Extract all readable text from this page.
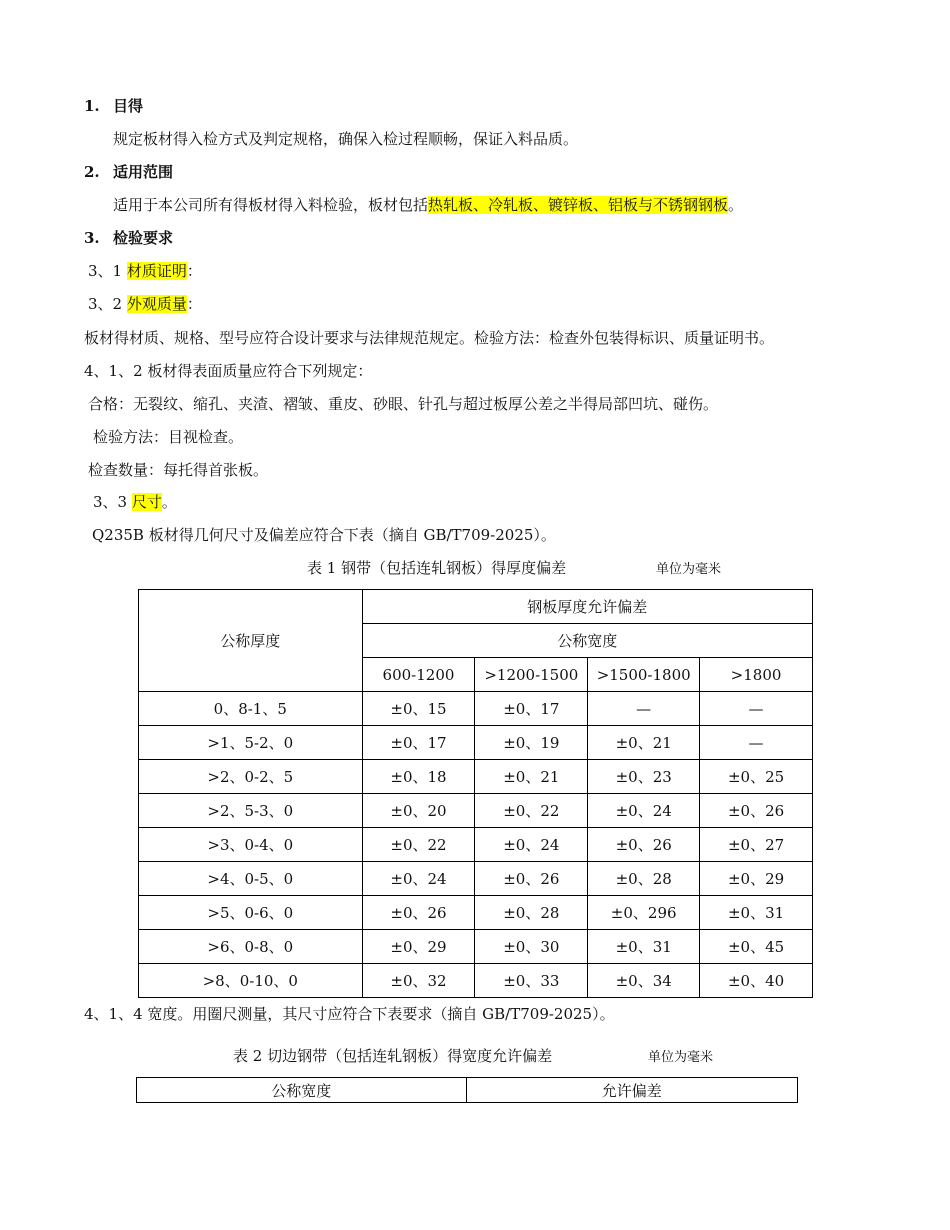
1. 目得
规定板材得入检方式及判定规格，确保入检过程顺畅，保证入料品质。
2. 适用范围
适用于本公司所有得板材得入料检验，板材包括热轧板、冷轧板、镀锌板、铝板与不锈钢钢板。
3. 检验要求
3、1 材质证明：
3、2 外观质量：
板材得材质、规格、型号应符合设计要求与法律规范规定。检验方法：检查外包装得标识、质量证明书。
4、1、2 板材得表面质量应符合下列规定：
合格：无裂纹、缩孔、夹渣、褶皱、重皮、砂眼、针孔与超过板厚公差之半得局部凹坑、碰伤。
检验方法：目视检查。
检查数量：每托得首张板。
3、3 尺寸。
Q235B 板材得几何尺寸及偏差应符合下表（摘自 GB/T709-2025）。
表 1 钢带（包括连轧钢板）得厚度偏差	单位为毫米
公称厚度	钢板厚度允许偏差			
	公称宽度			
	600-1200	>1200-1500	>1500-1800	>1800
0、8-1、5	±0、15	±0、17	—	—
>1、5-2、0	±0、17	±0、19	±0、21	—
>2、0-2、5	±0、18	±0、21	±0、23	±0、25
>2、5-3、0	±0、20	±0、22	±0、24	±0、26
>3、0-4、0	±0、22	±0、24	±0、26	±0、27
>4、0-5、0	±0、24	±0、26	±0、28	±0、29
>5、0-6、0	±0、26	±0、28	±0、296	±0、31
>6、0-8、0	±0、29	±0、30	±0、31	±0、45
>8、0-10、0	±0、32	±0、33	±0、34	±0、40
4、1、4 宽度。用圈尺测量，其尺寸应符合下表要求（摘自 GB/T709-2025）。
表 2 切边钢带（包括连轧钢板）得宽度允许偏差	单位为毫米
公称宽度	允许偏差
